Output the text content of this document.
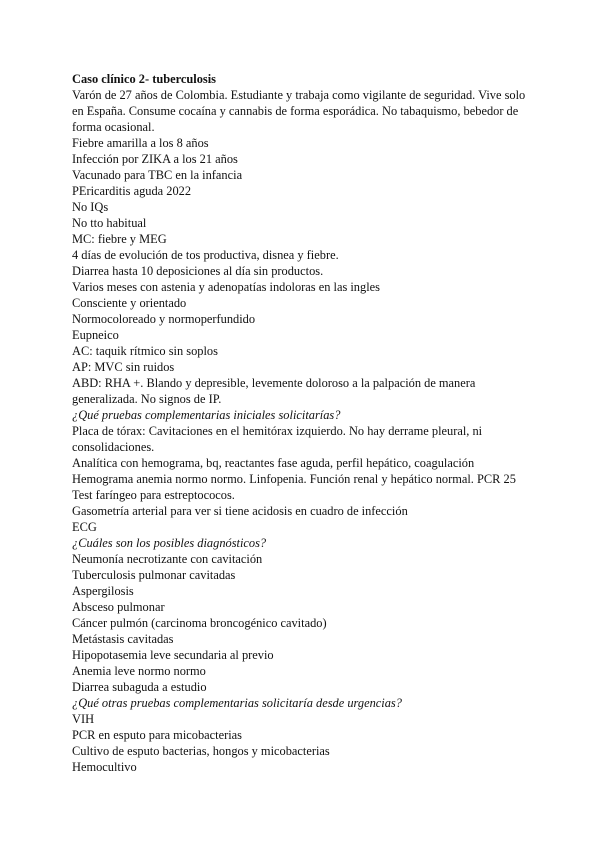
Caso clínico 2- tuberculosis

Varón de 27 años de Colombia. Estudiante y trabaja como vigilante de seguridad. Vive solo en España. Consume cocaína y cannabis de forma esporádica. No tabaquismo, bebedor de forma ocasional.

Fiebre amarilla a los 8 años

Infección por ZIKA a los 21 años

Vacunado para TBC en la infancia

PEricarditis aguda 2022

No IQs

No tto habitual

MC: fiebre y MEG

4 días de evolución de tos productiva, disnea y fiebre.

Diarrea hasta 10 deposiciones al día sin productos.

Varios meses con astenia y adenopatías indoloras en las ingles

Consciente y orientado

Normocoloreado y normoperfundido

Eupneico

AC: taquik rítmico sin soplos

AP: MVC sin ruidos

ABD: RHA +. Blando y depresible, levemente doloroso a la palpación de manera generalizada. No signos de IP.

¿Qué pruebas complementarias iniciales solicitarías?

Placa de tórax: Cavitaciones en el hemitórax izquierdo. No hay derrame pleural, ni consolidaciones.

Analítica con hemograma, bq, reactantes fase aguda, perfil hepático, coagulación

Hemograma anemia normo normo. Linfopenia. Función renal y hepático normal. PCR 25

Test faríngeo para estreptococos.

Gasometría arterial para ver si tiene acidosis en cuadro de infección

ECG

¿Cuáles son los posibles diagnósticos?

Neumonía necrotizante con cavitación

Tuberculosis pulmonar cavitadas

Aspergilosis

Absceso pulmonar

Cáncer pulmón (carcinoma broncogénico cavitado)

Metástasis cavitadas

Hipopotasemia leve secundaria al previo

Anemia leve normo normo

Diarrea subaguda a estudio

¿Qué otras pruebas complementarias solicitaría desde urgencias?

VIH

PCR en esputo para micobacterias

Cultivo de esputo bacterias, hongos y micobacterias

Hemocultivo
